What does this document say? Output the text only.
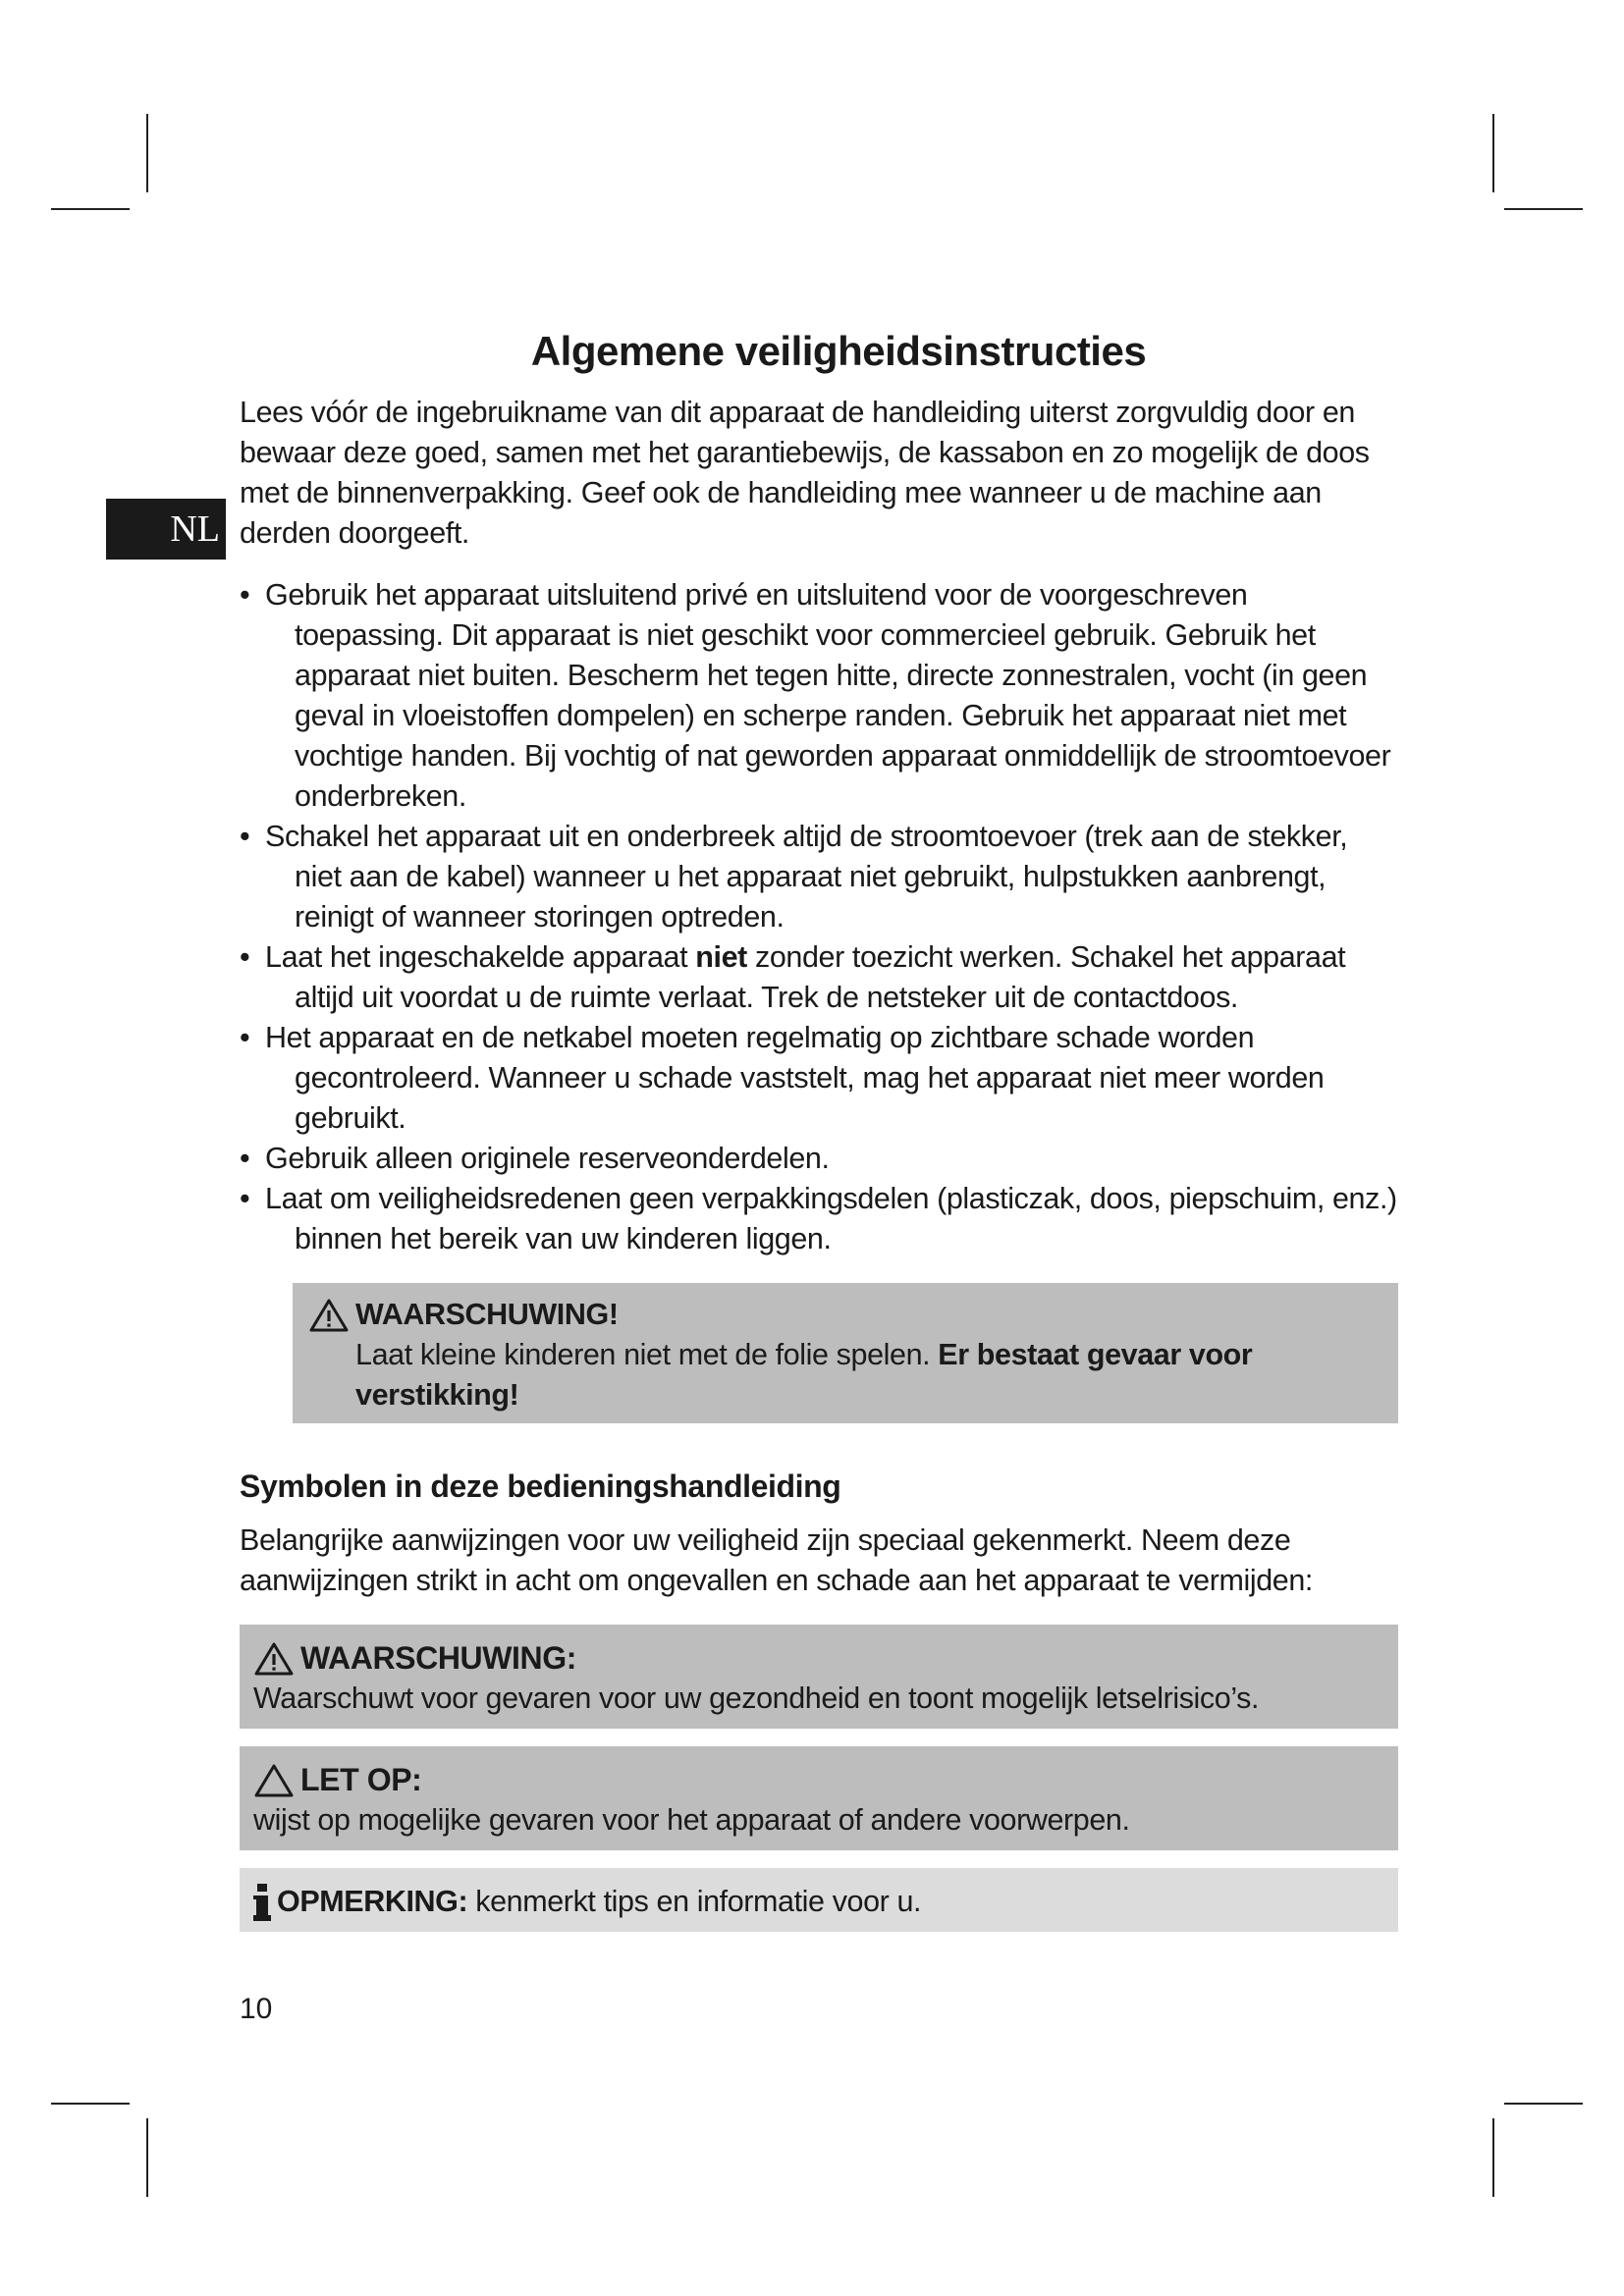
NL
Algemene veiligheidsinstructies

Lees vóór de ingebruikname van dit apparaat de handleiding uiterst zorgvuldig door en bewaar deze goed, samen met het garantiebewijs, de kassabon en zo mogelijk de doos met de binnenverpakking. Geef ook de handleiding mee wanneer u de machine aan derden doorgeeft.

• Gebruik het apparaat uitsluitend privé en uitsluitend voor de voorgeschreven toepassing. Dit apparaat is niet geschikt voor commercieel gebruik. Gebruik het apparaat niet buiten. Bescherm het tegen hitte, directe zonnestralen, vocht (in geen geval in vloeistoffen dompelen) en scherpe randen. Gebruik het apparaat niet met vochtige handen. Bij vochtig of nat geworden apparaat onmiddellijk de stroomtoevoer onderbreken.
• Schakel het apparaat uit en onderbreek altijd de stroomtoevoer (trek aan de stekker, niet aan de kabel) wanneer u het apparaat niet gebruikt, hulpstukken aanbrengt, reinigt of wanneer storingen optreden.
• Laat het ingeschakelde apparaat niet zonder toezicht werken. Schakel het apparaat altijd uit voordat u de ruimte verlaat. Trek de netsteker uit de contactdoos.
• Het apparaat en de netkabel moeten regelmatig op zichtbare schade worden gecontroleerd. Wanneer u schade vaststelt, mag het apparaat niet meer worden gebruikt.
• Gebruik alleen originele reserveonderdelen.
• Laat om veiligheidsredenen geen verpakkingsdelen (plasticzak, doos, piepschuim, enz.) binnen het bereik van uw kinderen liggen.
WAARSCHUWING!
Laat kleine kinderen niet met de folie spelen. Er bestaat gevaar voor verstikking!
Symbolen in deze bedieningshandleiding

Belangrijke aanwijzingen voor uw veiligheid zijn speciaal gekenmerkt. Neem deze aanwijzingen strikt in acht om ongevallen en schade aan het apparaat te vermijden:

WAARSCHUWING:
Waarschuwt voor gevaren voor uw gezondheid en toont mogelijk letselrisico’s.
LET OP:
wijst op mogelijke gevaren voor het apparaat of andere voorwerpen.
OPMERKING: kenmerkt tips en informatie voor u.
10
